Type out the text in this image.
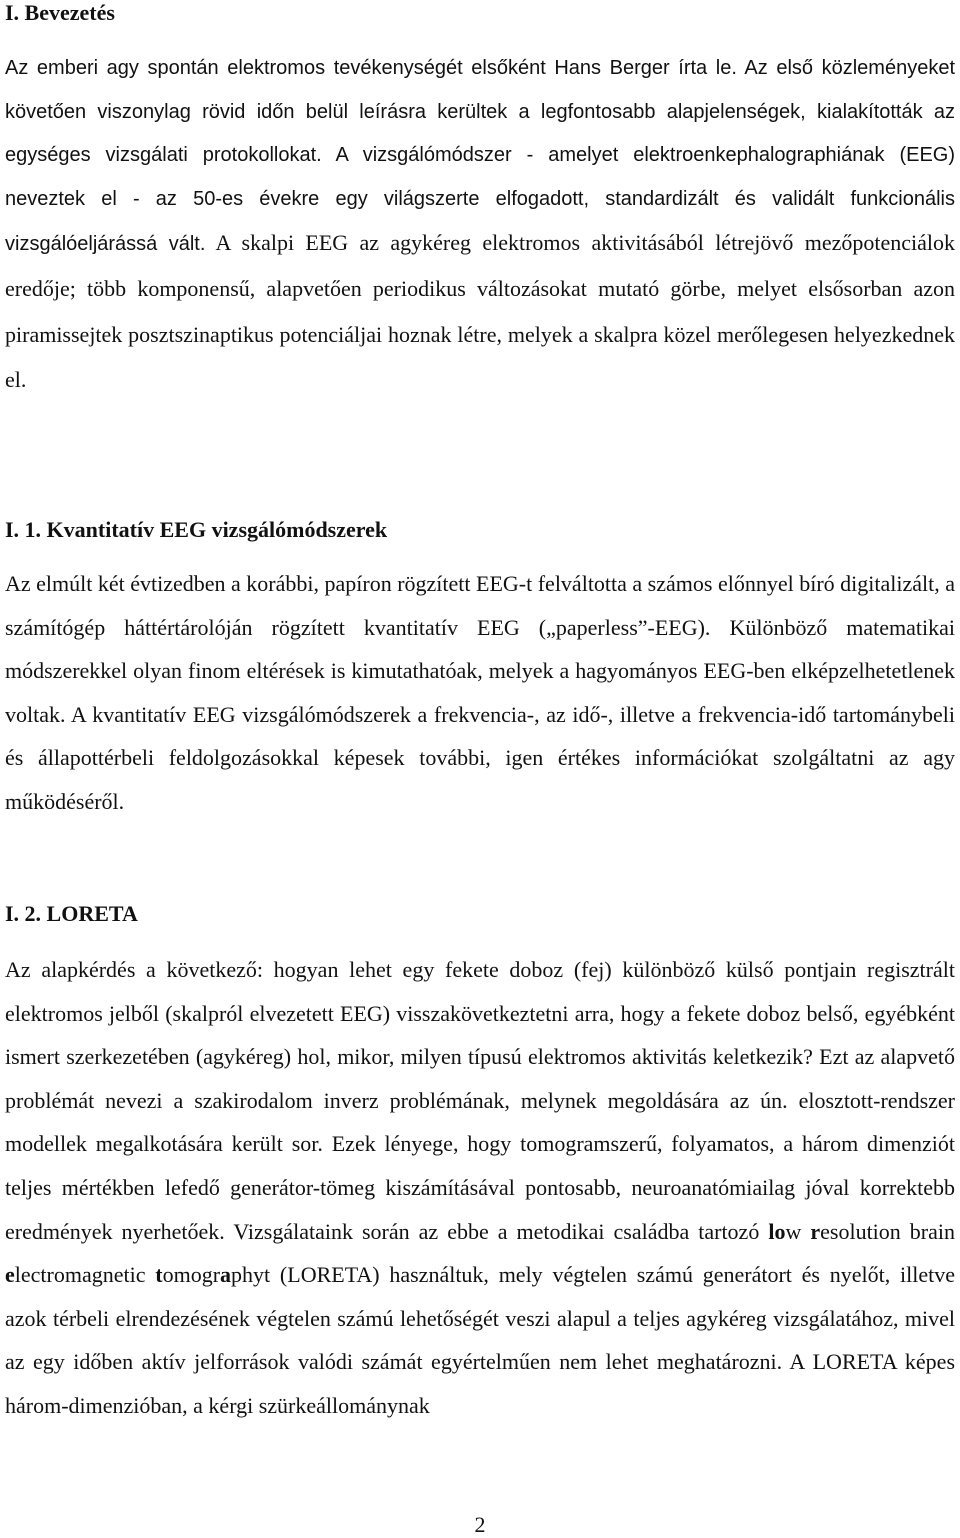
I. Bevezetés

Az emberi agy spontán elektromos tevékenységét elsőként Hans Berger írta le. Az első közleményeket követően viszonylag rövid időn belül leírásra kerültek a legfontosabb alapjelenségek, kialakították az egységes vizsgálati protokollokat. A vizsgálómódszer - amelyet elektroenkephalographiának (EEG) neveztek el - az 50-es évekre egy világszerte elfogadott, standardizált és validált funkcionális vizsgálóeljárássá vált. A skalpi EEG az agykéreg elektromos aktivitásából létrejövő mezőpotenciálok eredője; több komponensű, alapvetően periodikus változásokat mutató görbe, melyet elsősorban azon piramissejtek posztszinaptikus potenciáljai hoznak létre, melyek a skalpra közel merőlegesen helyezkednek el.

I. 1. Kvantitatív EEG vizsgálómódszerek

Az elmúlt két évtizedben a korábbi, papíron rögzített EEG-t felváltotta a számos előnnyel bíró digitalizált, a számítógép háttértárolóján rögzített kvantitatív EEG („paperless”-EEG). Különböző matematikai módszerekkel olyan finom eltérések is kimutathatóak, melyek a hagyományos EEG-ben elképzelhetetlenek voltak. A kvantitatív EEG vizsgálómódszerek a frekvencia-, az idő-, illetve a frekvencia-idő tartománybeli és állapottérbeli feldolgozásokkal képesek további, igen értékes információkat szolgáltatni az agy működéséről.

I. 2. LORETA

Az alapkérdés a következő: hogyan lehet egy fekete doboz (fej) különböző külső pontjain regisztrált elektromos jelből (skalpról elvezetett EEG) visszakövetkeztetni arra, hogy a fekete doboz belső, egyébként ismert szerkezetében (agykéreg) hol, mikor, milyen típusú elektromos aktivitás keletkezik? Ezt az alapvető problémát nevezi a szakirodalom inverz problémának, melynek megoldására az ún. elosztott-rendszer modellek megalkotására került sor. Ezek lényege, hogy tomogramszerű, folyamatos, a három dimenziót teljes mértékben lefedő generátor-tömeg kiszámításával pontosabb, neuroanatómiailag jóval korrektebb eredmények nyerhetőek. Vizsgálataink során az ebbe a metodikai családba tartozó low resolution brain electromagnetic tomographyt (LORETA) használtuk, mely végtelen számú generátort és nyelőt, illetve azok térbeli elrendezésének végtelen számú lehetőségét veszi alapul a teljes agykéreg vizsgálatához, mivel az egy időben aktív jelforrások valódi számát egyértelműen nem lehet meghatározni. A LORETA képes három-dimenzióban, a kérgi szürkeállománynak

2
